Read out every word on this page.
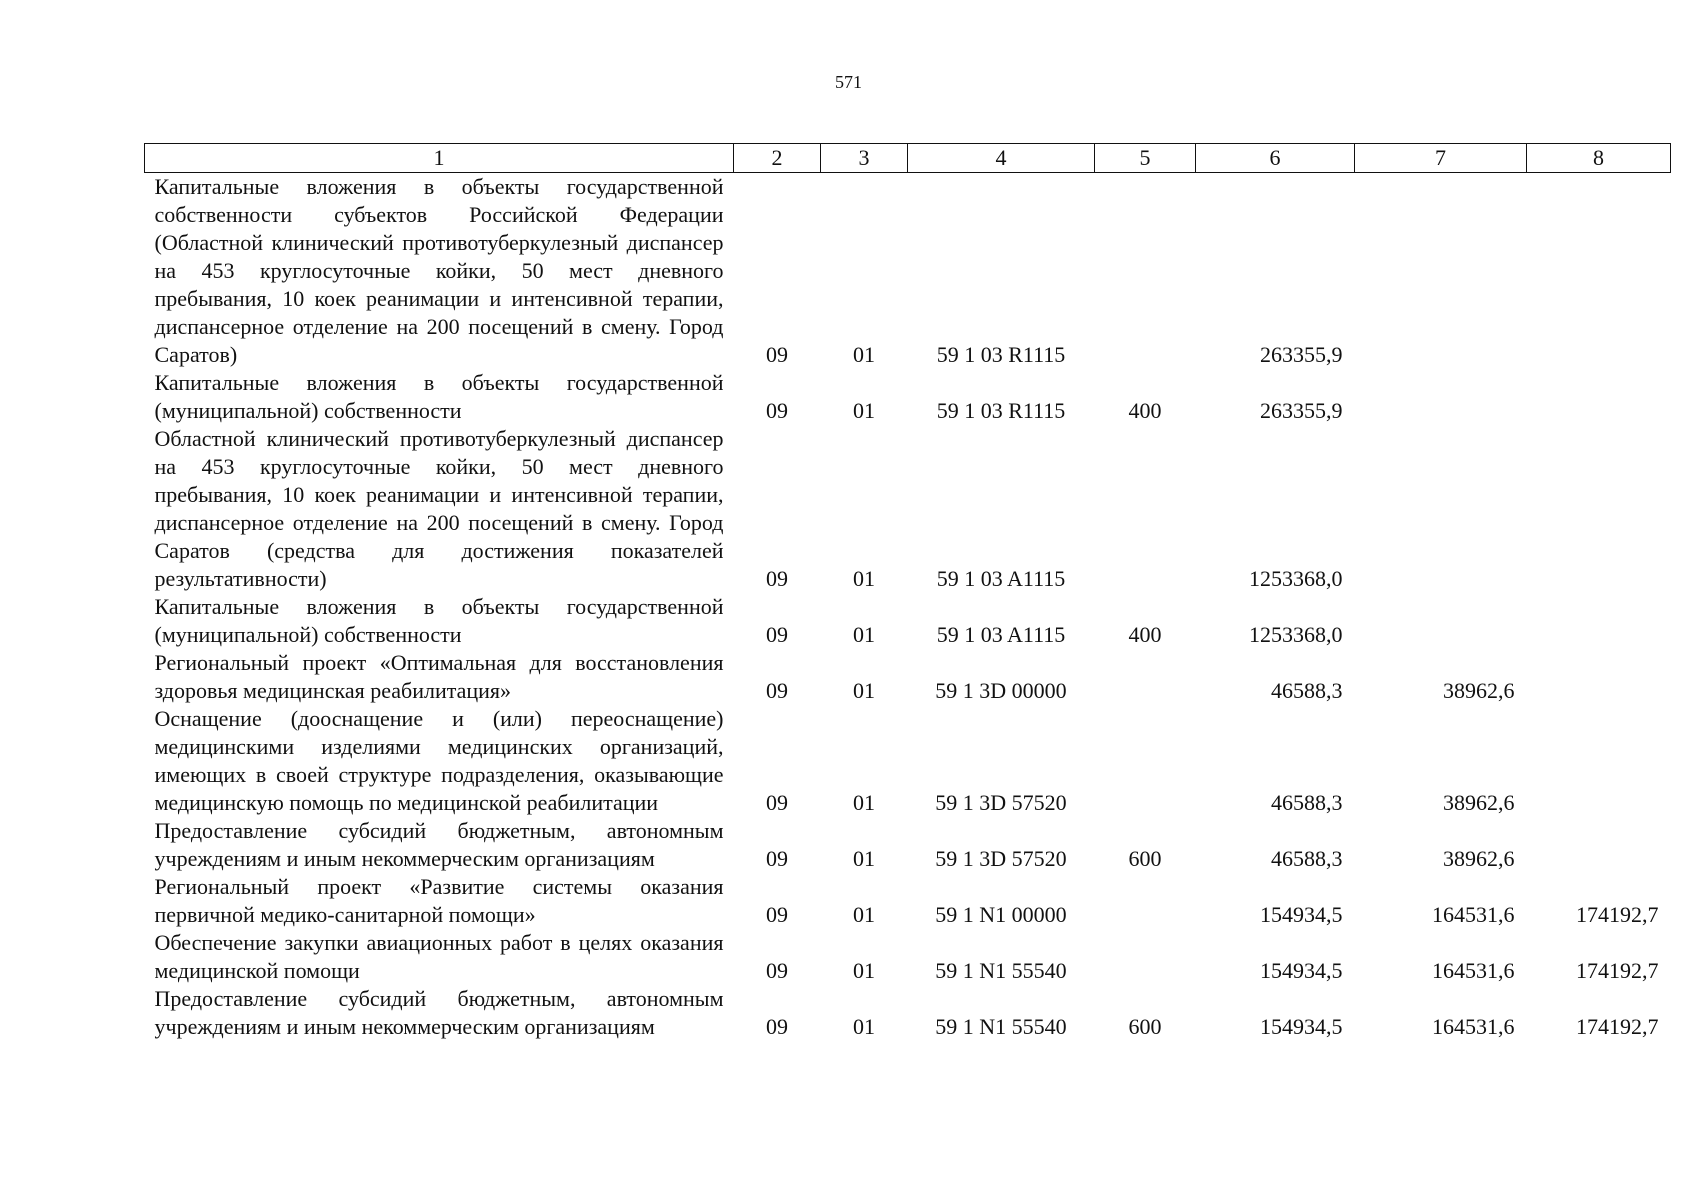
571
1	2	3	4	5	6	7	8
Капитальные вложения в объекты государственной собственности субъектов Российской Федерации (Областной клинический противотуберкулезный диспансер на 453 круглосуточные койки, 50 мест дневного пребывания, 10 коек реанимации и интенсивной терапии, диспансерное отделение на 200 посещений в смену. Город Саратов)	09	01	59 1 03 R1115		263355,9		
Капитальные вложения в объекты государственной (муниципальной) собственности	09	01	59 1 03 R1115	400	263355,9		
Областной клинический противотуберкулезный диспансер на 453 круглосуточные койки, 50 мест дневного пребывания, 10 коек реанимации и интенсивной терапии, диспансерное отделение на 200 посещений в смену. Город Саратов (средства для достижения показателей результативности)	09	01	59 1 03 A1115		1253368,0		
Капитальные вложения в объекты государственной (муниципальной) собственности	09	01	59 1 03 A1115	400	1253368,0		
Региональный проект «Оптимальная для восстановления здоровья медицинская реабилитация»	09	01	59 1 3D 00000		46588,3	38962,6	
Оснащение (дооснащение и (или) переоснащение) медицинскими изделиями медицинских организаций, имеющих в своей структуре подразделения, оказывающие медицинскую помощь по медицинской реабилитации	09	01	59 1 3D 57520		46588,3	38962,6	
Предоставление субсидий бюджетным, автономным учреждениям и иным некоммерческим организациям	09	01	59 1 3D 57520	600	46588,3	38962,6	
Региональный проект «Развитие системы оказания первичной медико-санитарной помощи»	09	01	59 1 N1 00000		154934,5	164531,6	174192,7
Обеспечение закупки авиационных работ в целях оказания медицинской помощи	09	01	59 1 N1 55540		154934,5	164531,6	174192,7
Предоставление субсидий бюджетным, автономным учреждениям и иным некоммерческим организациям	09	01	59 1 N1 55540	600	154934,5	164531,6	174192,7
